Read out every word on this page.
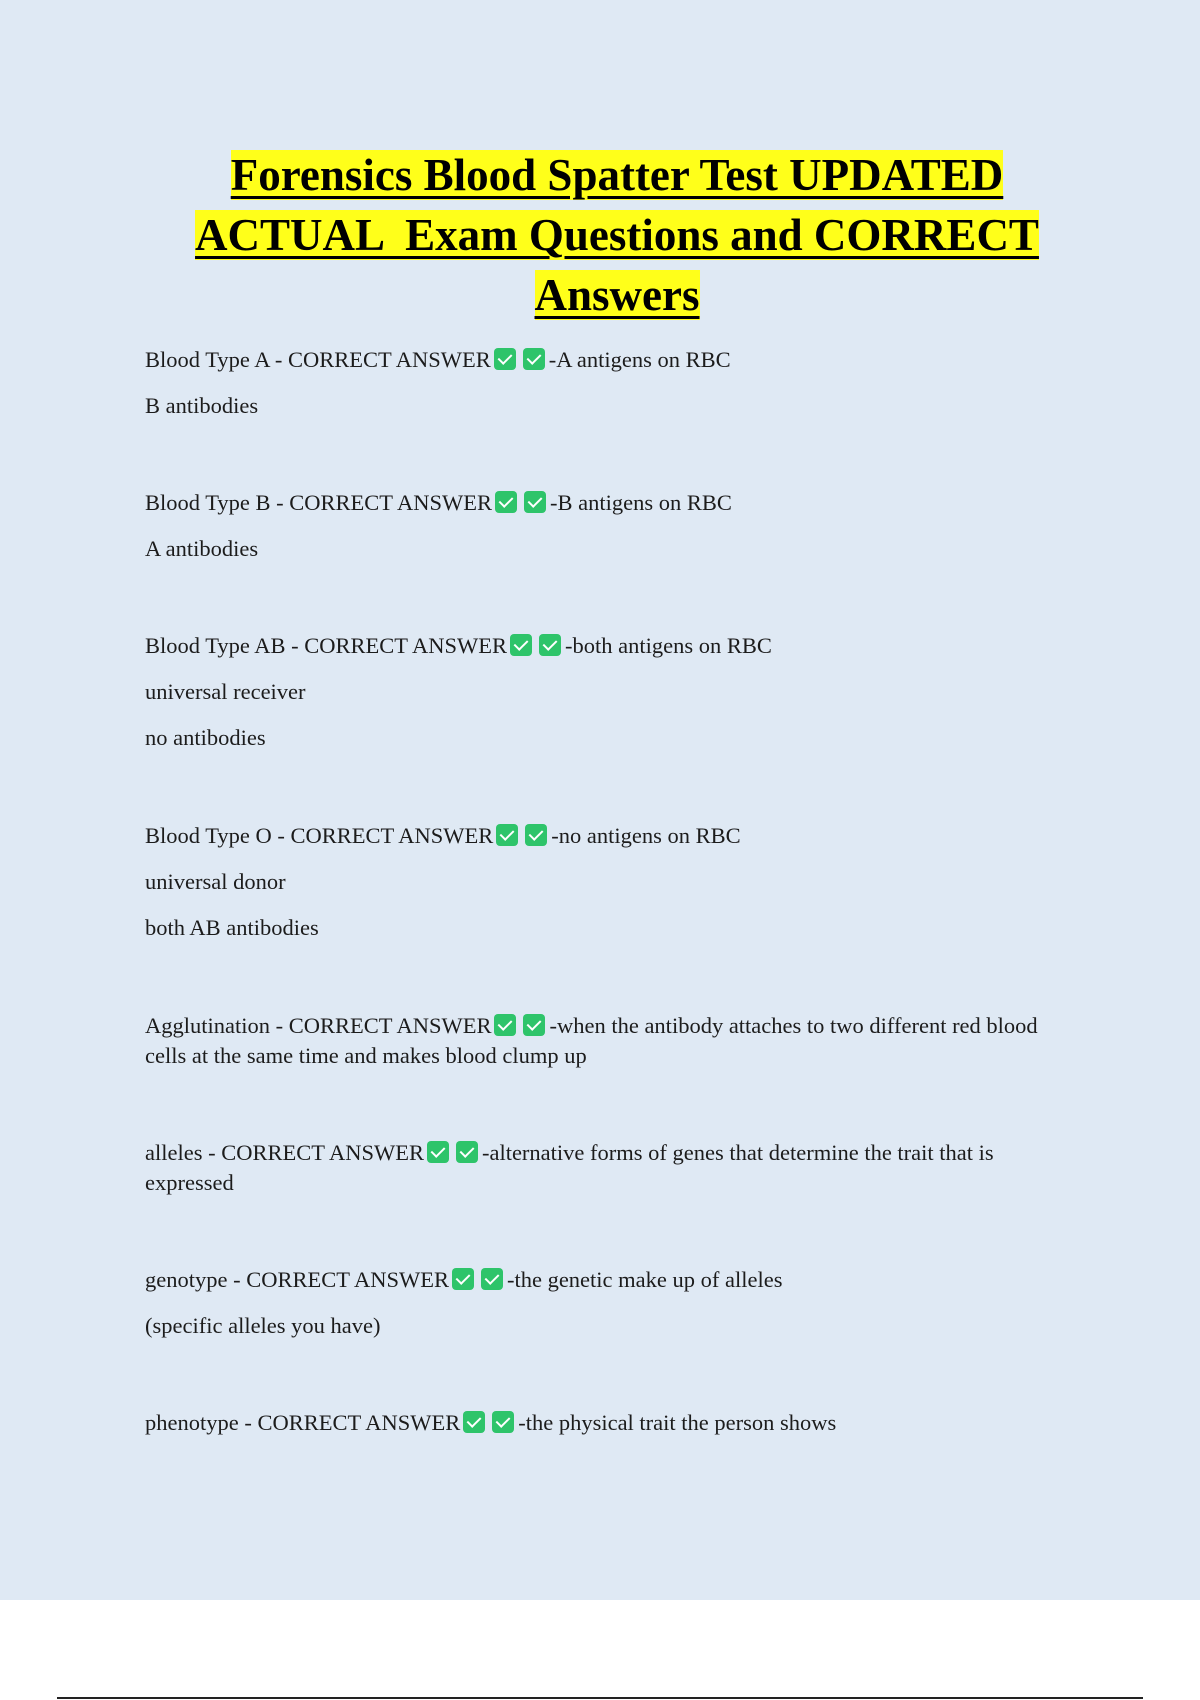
Forensics Blood Spatter Test UPDATED
ACTUAL  Exam Questions and CORRECT
Answers
Blood Type A - CORRECT ANSWER	-A antigens on RBC
B antibodies
Blood Type B - CORRECT ANSWER	-B antigens on RBC
A antibodies
Blood Type AB - CORRECT ANSWER	-both antigens on RBC
universal receiver
no antibodies
Blood Type O - CORRECT ANSWER	-no antigens on RBC
universal donor
both AB antibodies
Agglutination - CORRECT ANSWER	-when the antibody attaches to two different red blood cells at the same time and makes blood clump up
alleles - CORRECT ANSWER	-alternative forms of genes that determine the trait that is expressed
genotype - CORRECT ANSWER	-the genetic make up of alleles
(specific alleles you have)
phenotype - CORRECT ANSWER	-the physical trait the person shows
